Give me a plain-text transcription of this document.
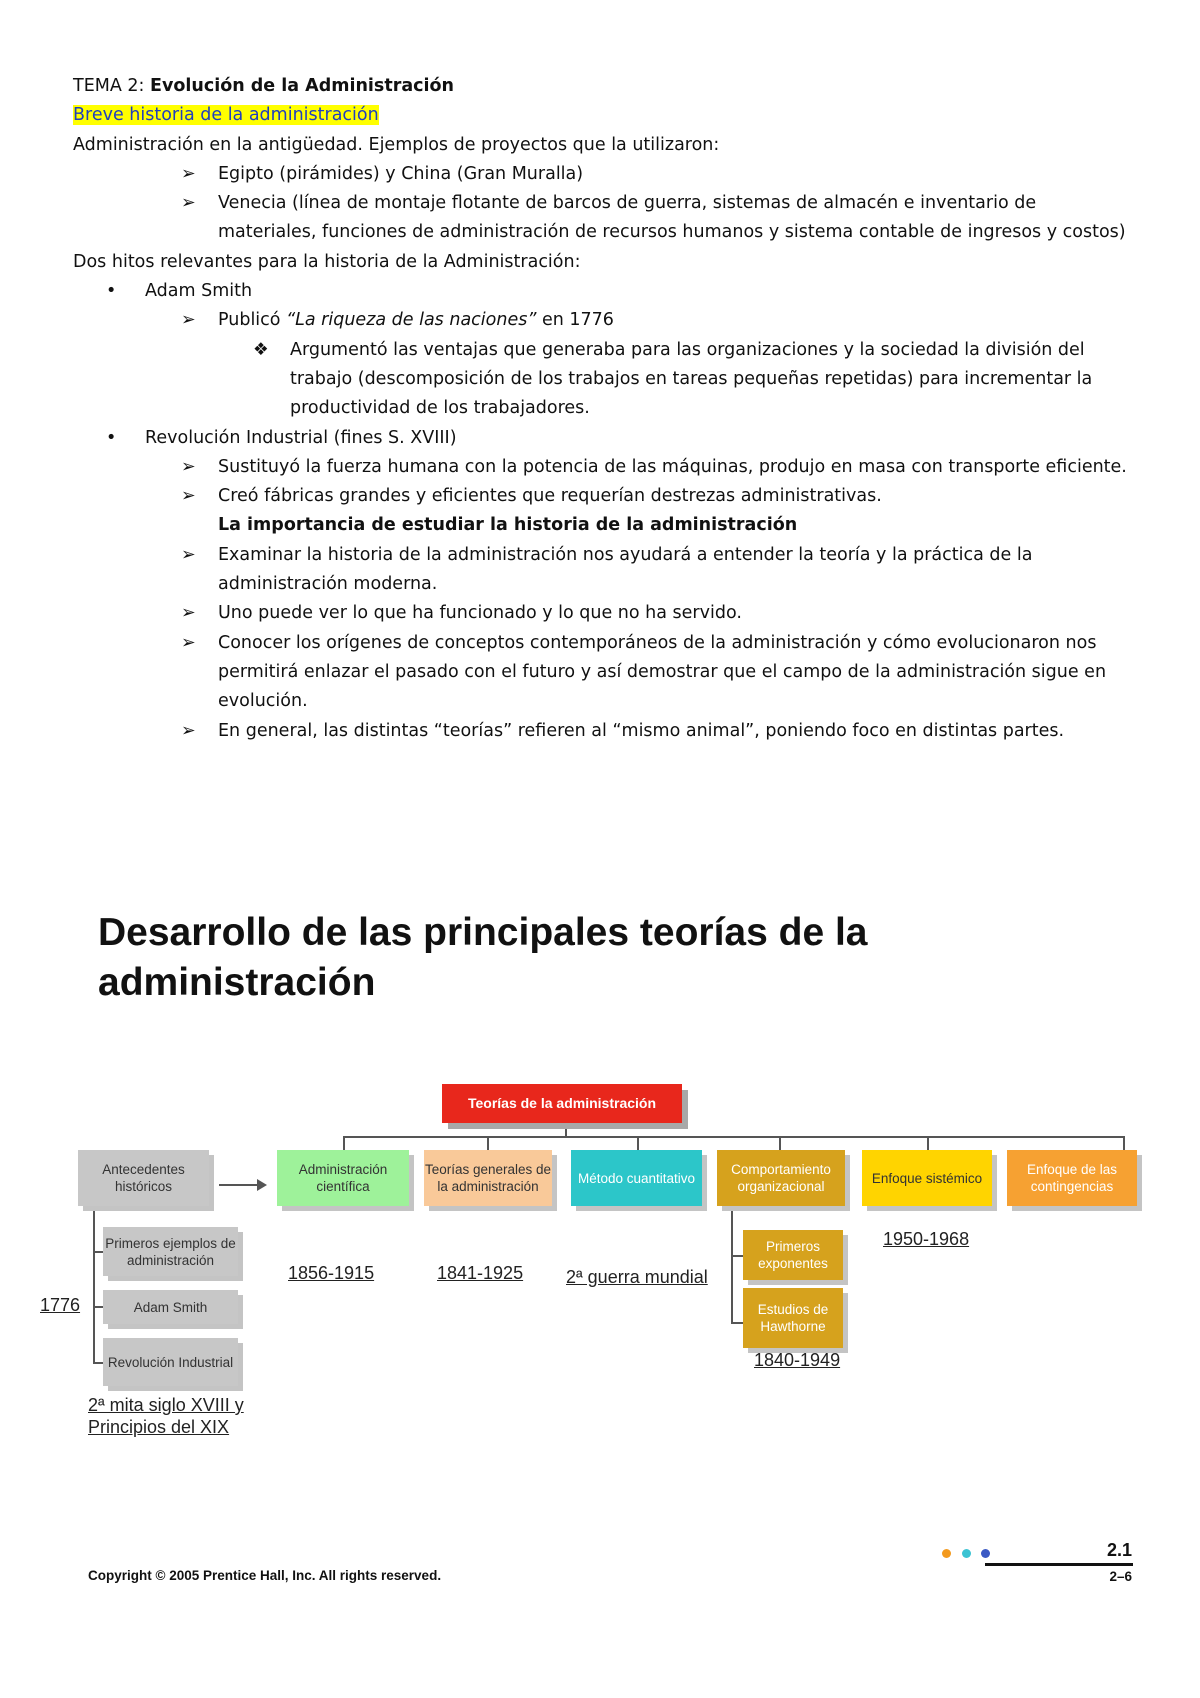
TEMA 2: Evolución de la Administración

Breve historia de la administración

Administración en la antigüedad. Ejemplos de proyectos que la utilizaron:

➢ Egipto (pirámides) y China (Gran Muralla)

➢ Venecia (línea de montaje flotante de barcos de guerra, sistemas de almacén e inventario de materiales, funciones de administración de recursos humanos y sistema contable de ingresos y costos)

Dos hitos relevantes para la historia de la Administración:

• Adam Smith

➢ Publicó “La riqueza de las naciones” en 1776

❖ Argumentó las ventajas que generaba para las organizaciones y la sociedad la división del trabajo (descomposición de los trabajos en tareas pequeñas repetidas) para incrementar la productividad de los trabajadores.

• Revolución Industrial (fines S. XVIII)

➢ Sustituyó la fuerza humana con la potencia de las máquinas, produjo en masa con transporte eficiente.

➢ Creó fábricas grandes y eficientes que requerían destrezas administrativas.

La importancia de estudiar la historia de la administración

➢ Examinar la historia de la administración nos ayudará a entender la teoría y la práctica de la administración moderna.

➢ Uno puede ver lo que ha funcionado y lo que no ha servido.

➢ Conocer los orígenes de conceptos contemporáneos de la administración y cómo evolucionaron nos permitirá enlazar el pasado con el futuro y así demostrar que el campo de la administración sigue en evolución.

➢ En general, las distintas “teorías” refieren al “mismo animal”, poniendo foco en distintas partes.

Desarrollo de las principales teorías de la administración
Teorías de la administración
Antecedentes históricos
Administración científica
Teorías generales de la administración
Método cuantitativo
Comportamiento organizacional
Enfoque sistémico
Enfoque de las contingencias
Primeros ejemplos de administración
Adam Smith
Revolución Industrial
Primeros exponentes
Estudios de Hawthorne
1776
2ª mita siglo XVIII y Principios del XIX
1856-1915	1841-1925 2ª guerra mundial
1950-1968
1840-1949
Copyright © 2005 Prentice Hall, Inc. All rights reserved.
2.1
2–6
